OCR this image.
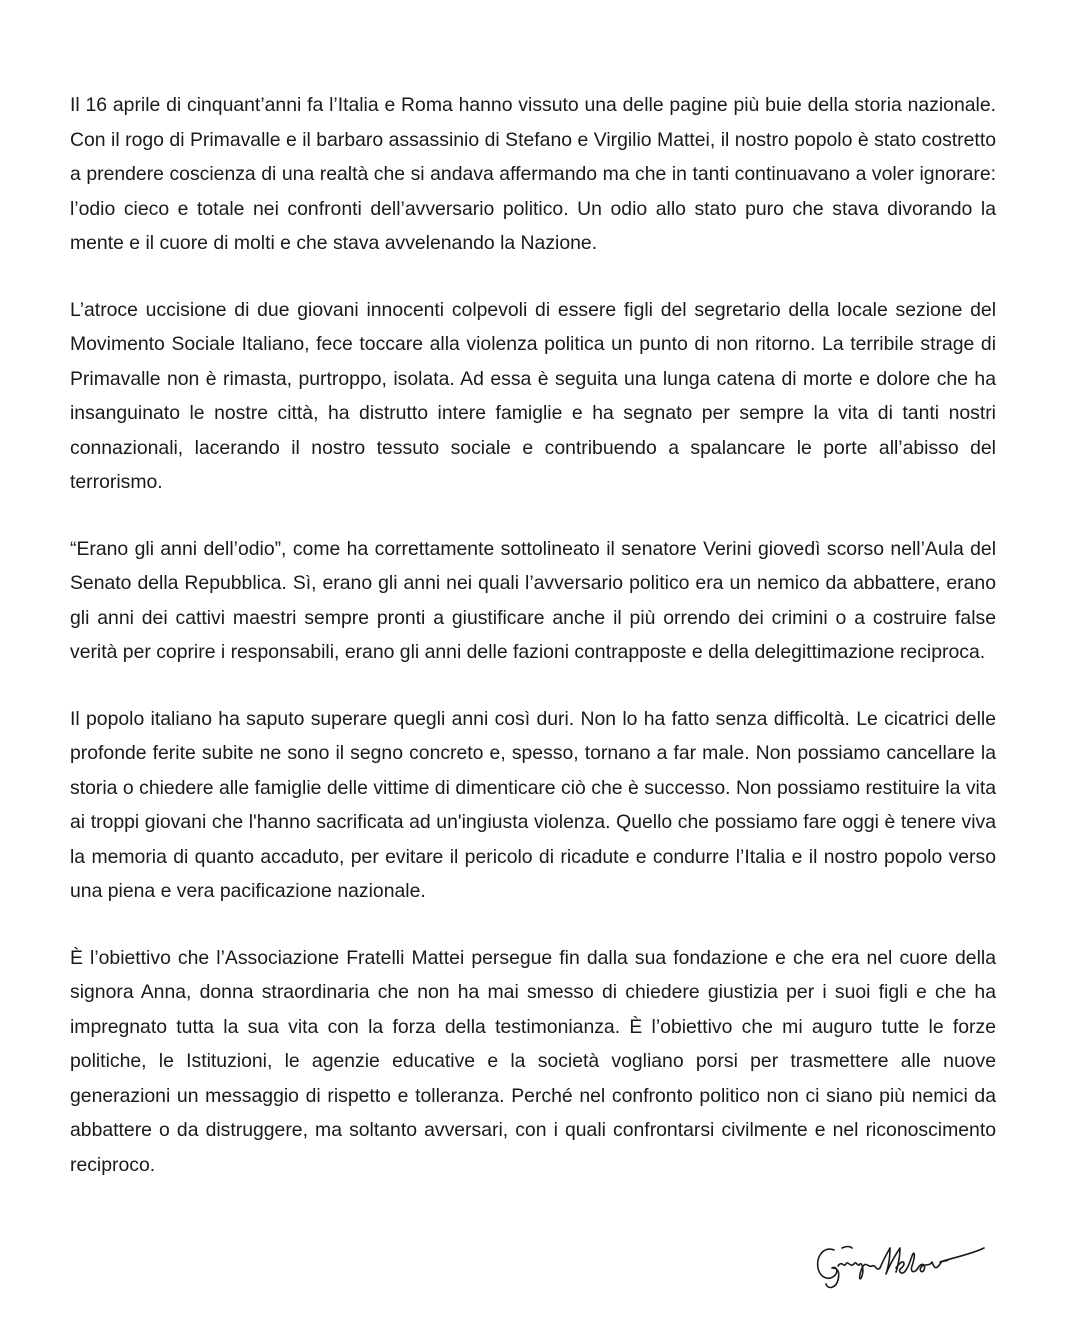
Il 16 aprile di cinquant’anni fa l’Italia e Roma hanno vissuto una delle pagine più buie della storia nazionale. Con il rogo di Primavalle e il barbaro assassinio di Stefano e Virgilio Mattei, il nostro popolo è stato costretto a prendere coscienza di una realtà che si andava affermando ma che in tanti continuavano a voler ignorare: l’odio cieco e totale nei confronti dell’avversario politico. Un odio allo stato puro che stava divorando la mente e il cuore di molti e che stava avvelenando la Nazione.

L’atroce uccisione di due giovani innocenti colpevoli di essere figli del segretario della locale sezione del Movimento Sociale Italiano, fece toccare alla violenza politica un punto di non ritorno. La terribile strage di Primavalle non è rimasta, purtroppo, isolata. Ad essa è seguita una lunga catena di morte e dolore che ha insanguinato le nostre città, ha distrutto intere famiglie e ha segnato per sempre la vita di tanti nostri connazionali, lacerando il nostro tessuto sociale e contribuendo a spalancare le porte all’abisso del terrorismo.

“Erano gli anni dell’odio”, come ha correttamente sottolineato il senatore Verini giovedì scorso nell’Aula del Senato della Repubblica. Sì, erano gli anni nei quali l’avversario politico era un nemico da abbattere, erano gli anni dei cattivi maestri sempre pronti a giustificare anche il più orrendo dei crimini o a costruire false verità per coprire i responsabili, erano gli anni delle fazioni contrapposte e della delegittimazione reciproca.

Il popolo italiano ha saputo superare quegli anni così duri. Non lo ha fatto senza difficoltà. Le cicatrici delle profonde ferite subite ne sono il segno concreto e, spesso, tornano a far male. Non possiamo cancellare la storia o chiedere alle famiglie delle vittime di dimenticare ciò che è successo. Non possiamo restituire la vita ai troppi giovani che l'hanno sacrificata ad un'ingiusta violenza. Quello che possiamo fare oggi è tenere viva la memoria di quanto accaduto, per evitare il pericolo di ricadute e condurre l’Italia e il nostro popolo verso una piena e vera pacificazione nazionale.

È l’obiettivo che l’Associazione Fratelli Mattei persegue fin dalla sua fondazione e che era nel cuore della signora Anna, donna straordinaria che non ha mai smesso di chiedere giustizia per i suoi figli e che ha impregnato tutta la sua vita con la forza della testimonianza. È l’obiettivo che mi auguro tutte le forze politiche, le Istituzioni, le agenzie educative e la società vogliano porsi per trasmettere alle nuove generazioni un messaggio di rispetto e tolleranza. Perché nel confronto politico non ci siano più nemici da abbattere o da distruggere, ma soltanto avversari, con i quali confrontarsi civilmente e nel riconoscimento reciproco.
